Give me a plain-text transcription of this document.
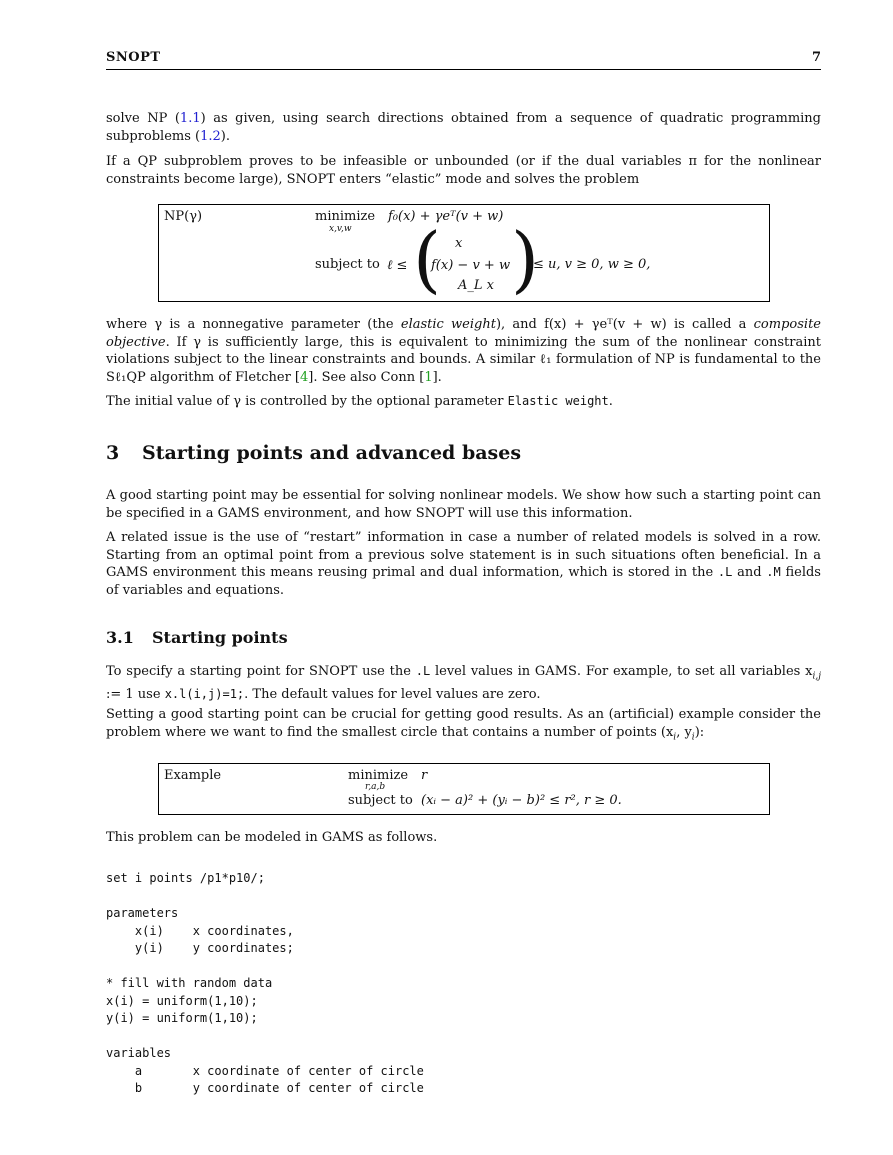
SNOPT	7

solve NP (1.1) as given, using search directions obtained from a sequence of quadratic programming subproblems (1.2).

If a QP subproblem proves to be infeasible or unbounded (or if the dual variables π for the nonlinear constraints become large), SNOPT enters “elastic” mode and solves the problem

NP(γ)	minimize
x,v,w
f₀(x) + γeᵀ(v + w)
subject to ℓ ≤ ( x
f(x) − v + w
A_L x )
≤ u, v ≥ 0, w ≥ 0,

where γ is a nonnegative parameter (the elastic weight), and f(x) + γeᵀ(v + w) is called a composite objective. If γ is sufficiently large, this is equivalent to minimizing the sum of the nonlinear constraint violations subject to the linear constraints and bounds. A similar ℓ₁ formulation of NP is fundamental to the Sℓ₁QP algorithm of Fletcher [4]. See also Conn [1].

The initial value of γ is controlled by the optional parameter Elastic weight.

3 Starting points and advanced bases

A good starting point may be essential for solving nonlinear models. We show how such a starting point can be specified in a GAMS environment, and how SNOPT will use this information.

A related issue is the use of “restart” information in case a number of related models is solved in a row. Starting from an optimal point from a previous solve statement is in such situations often beneficial. In a GAMS environment this means reusing primal and dual information, which is stored in the .L and .M fields of variables and equations.

3.1 Starting points

To specify a starting point for SNOPT use the .L level values in GAMS. For example, to set all variables $x_{i,j}$ := 1 use x.l(i,j)=1;. The default values for level values are zero.

Setting a good starting point can be crucial for getting good results. As an (artificial) example consider the problem where we want to find the smallest circle that contains a number of points ($x_i$, $y_i$):

Example	minimize
r,a,b
r
subject to (xᵢ − a)² + (yᵢ − b)² ≤ r², r ≥ 0.

This problem can be modeled in GAMS as follows.

set i points /p1*p10/;

parameters
x(i)    x coordinates,
y(i)    y coordinates;

* fill with random data
x(i) = uniform(1,10);
y(i) = uniform(1,10);

variables
a       x coordinate of center of circle
b       y coordinate of center of circle
